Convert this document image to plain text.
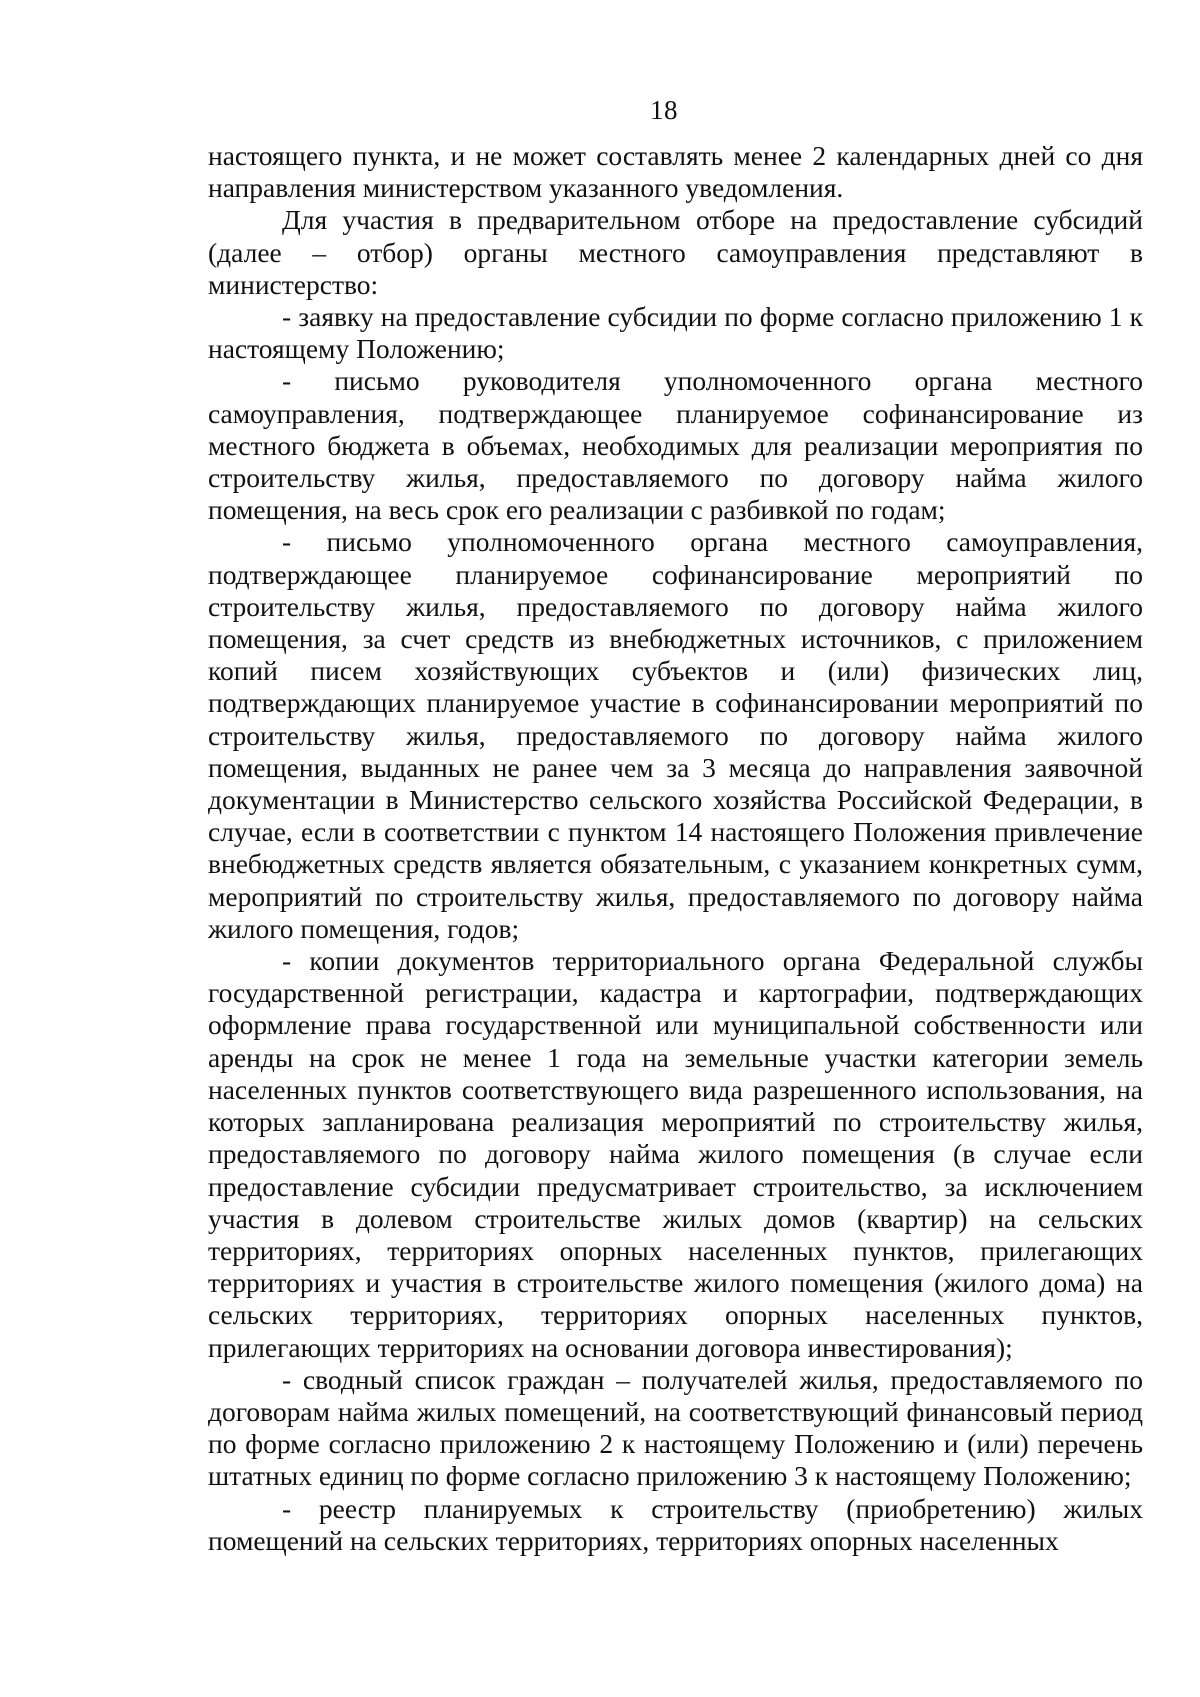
18

настоящего пункта, и не может составлять менее 2 календарных дней со дня направления министерством указанного уведомления.

Для участия в предварительном отборе на предоставление субсидий (далее – отбор) органы местного самоуправления представляют в министерство:

- заявку на предоставление субсидии по форме согласно приложению 1 к настоящему Положению;

- письмо руководителя уполномоченного органа местного самоуправления, подтверждающее планируемое софинансирование из местного бюджета в объемах, необходимых для реализации мероприятия по строительству жилья, предоставляемого по договору найма жилого помещения, на весь срок его реализации с разбивкой по годам;

- письмо уполномоченного органа местного самоуправления, подтверждающее планируемое софинансирование мероприятий по строительству жилья, предоставляемого по договору найма жилого помещения, за счет средств из внебюджетных источников, с приложением копий писем хозяйствующих субъектов и (или) физических лиц, подтверждающих планируемое участие в софинансировании мероприятий по строительству жилья, предоставляемого по договору найма жилого помещения, выданных не ранее чем за 3 месяца до направления заявочной документации в Министерство сельского хозяйства Российской Федерации, в случае, если в соответствии с пунктом 14 настоящего Положения привлечение внебюджетных средств является обязательным, с указанием конкретных сумм, мероприятий по строительству жилья, предоставляемого по договору найма жилого помещения, годов;

- копии документов территориального органа Федеральной службы государственной регистрации, кадастра и картографии, подтверждающих оформление права государственной или муниципальной собственности или аренды на срок не менее 1 года на земельные участки категории земель населенных пунктов соответствующего вида разрешенного использования, на которых запланирована реализация мероприятий по строительству жилья, предоставляемого по договору найма жилого помещения (в случае если предоставление субсидии предусматривает строительство, за исключением участия в долевом строительстве жилых домов (квартир) на сельских территориях, территориях опорных населенных пунктов, прилегающих территориях и участия в строительстве жилого помещения (жилого дома) на сельских территориях, территориях опорных населенных пунктов, прилегающих территориях на основании договора инвестирования);

- сводный список граждан – получателей жилья, предоставляемого по договорам найма жилых помещений, на соответствующий финансовый период по форме согласно приложению 2 к настоящему Положению и (или) перечень штатных единиц по форме согласно приложению 3 к настоящему Положению;

- реестр планируемых к строительству (приобретению) жилых помещений на сельских территориях, территориях опорных населенных
